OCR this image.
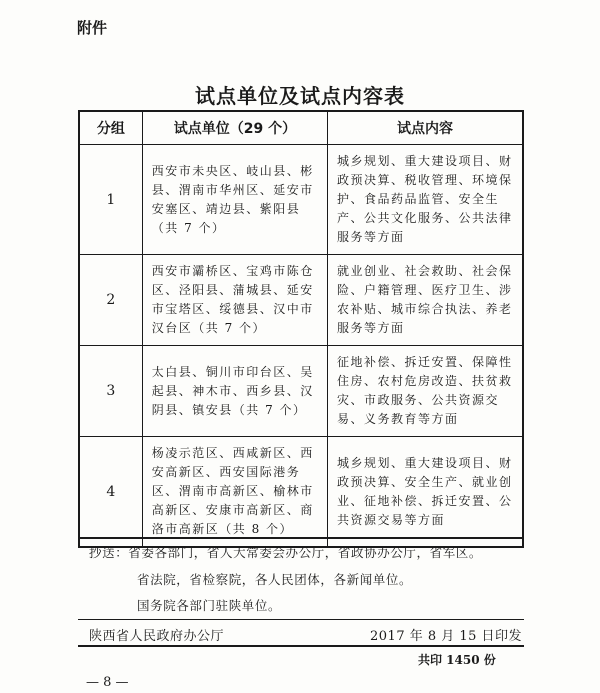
附件
试点单位及试点内容表
分组	试点单位（29 个）	试点内容
1	西安市未央区、岐山县、彬县、渭南市华州区、延安市安塞区、靖边县、紫阳县（共 7 个）	城乡规划、重大建设项目、财政预决算、税收管理、环境保护、食品药品监管、安全生产、公共文化服务、公共法律服务等方面
2	西安市灞桥区、宝鸡市陈仓区、泾阳县、蒲城县、延安市宝塔区、绥德县、汉中市汉台区（共 7 个）	就业创业、社会救助、社会保险、户籍管理、医疗卫生、涉农补贴、城市综合执法、养老服务等方面
3	太白县、铜川市印台区、吴起县、神木市、西乡县、汉阴县、镇安县（共 7 个）	征地补偿、拆迁安置、保障性住房、农村危房改造、扶贫救灾、市政服务、公共资源交易、义务教育等方面
4	杨凌示范区、西咸新区、西安高新区、西安国际港务区、渭南市高新区、榆林市高新区、安康市高新区、商洛市高新区（共 8 个）	城乡规划、重大建设项目、财政预决算、安全生产、就业创业、征地补偿、拆迁安置、公共资源交易等方面
抄送：省委各部门，省人大常委会办公厅，省政协办公厅，省军区。
省法院，省检察院，各人民团体，各新闻单位。
国务院各部门驻陕单位。
陕西省人民政府办公厅	2017 年 8 月 15 日印发
共印 1450 份
— 8 —
